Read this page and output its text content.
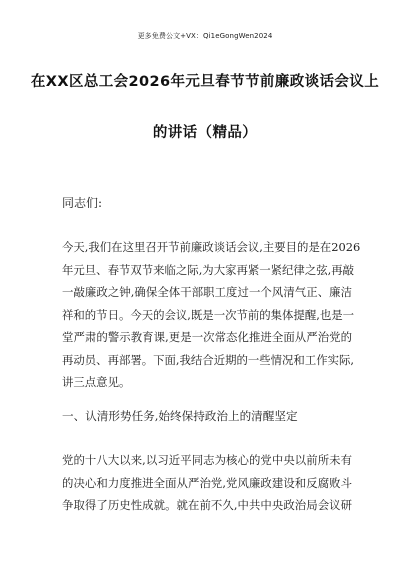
更多免费公文+VX：Qi1eGongWen2024
在XX区总工会2026年元旦春节节前廉政谈话会议上
的讲话（精品）
同志们:
今天,我们在这里召开节前廉政谈话会议,主要目的是在2026
年元旦、春节双节来临之际,为大家再紧一紧纪律之弦,再敲
一敲廉政之钟,确保全体干部职工度过一个风清气正、廉洁
祥和的节日。今天的会议,既是一次节前的集体提醒,也是一
堂严肃的警示教育课,更是一次常态化推进全面从严治党的
再动员、再部署。下面,我结合近期的一些情况和工作实际,
讲三点意见。
一、认清形势任务,始终保持政治上的清醒坚定
党的十八大以来,以习近平同志为核心的党中央以前所未有
的决心和力度推进全面从严治党,党风廉政建设和反腐败斗
争取得了历史性成就。就在前不久,中共中央政治局会议研
